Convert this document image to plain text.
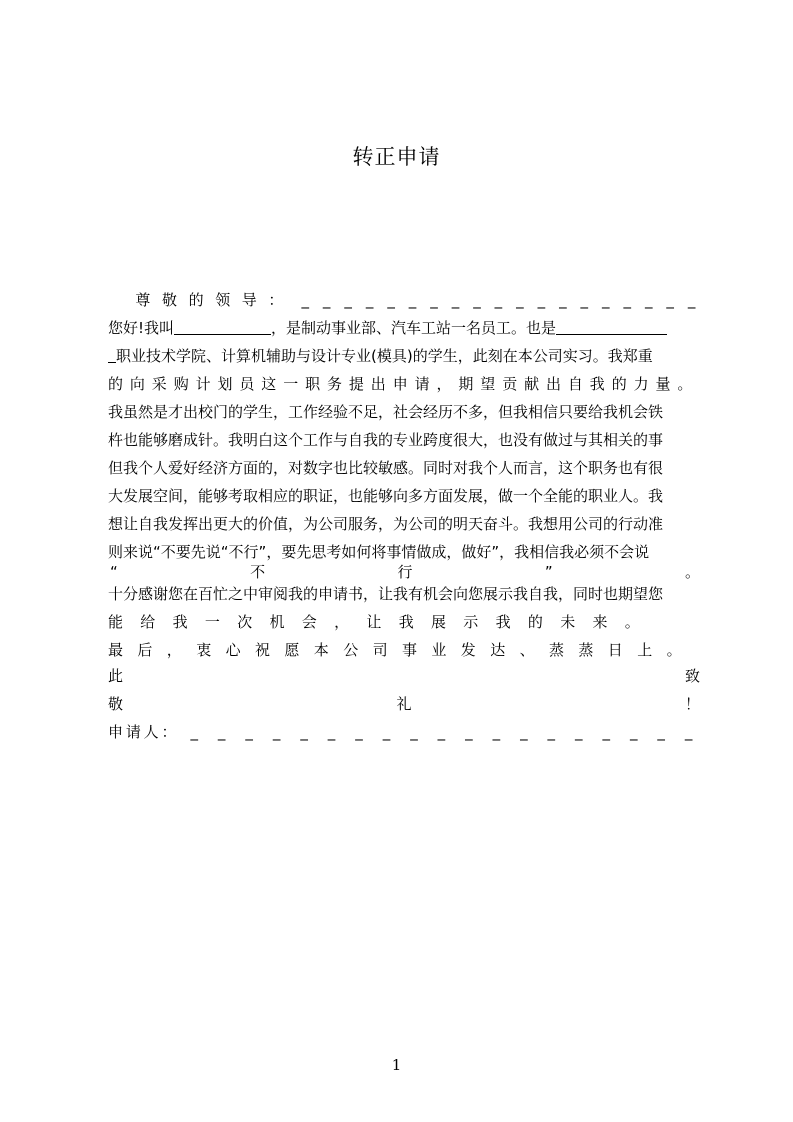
转正申请
尊 敬 的 领 导 ： _ _ _ _ _ _ _ _ _ _ _ _ _ _ _ _ _ _ _
您好!我叫	，是制动事业部、汽车工站一名员工。也是
职业技术学院、计算机辅助与设计专业(模具)的学生，此刻在本公司实习。我郑重
的向采购计划员这一职务提出申请，期望贡献出自我的力量。
我虽然是才出校门的学生，工作经验不足，社会经历不多，但我相信只要给我机会铁
杵也能够磨成针。我明白这个工作与自我的专业跨度很大，也没有做过与其相关的事
但我个人爱好经济方面的，对数字也比较敏感。同时对我个人而言，这个职务也有很
大发展空间，能够考取相应的职证，也能够向多方面发展，做一个全能的职业人。我
想让自我发挥出更大的价值，为公司服务，为公司的明天奋斗。我想用公司的行动准
则来说“不要先说“不行”，要先思考如何将事情做成，做好”，我相信我必须不会说
“	不	行	”	。
十分感谢您在百忙之中审阅我的申请书，让我有机会向您展示我自我，同时也期望您
能给我一次机会，让我展示我的未来。
最后，衷心祝愿本公司事业发达、蒸蒸日上。
此	致
敬	礼	！
申 请 人 ： _ _ _ _ _ _ _ _ _ _ _ _ _ _ _ _ _ _ _
1
